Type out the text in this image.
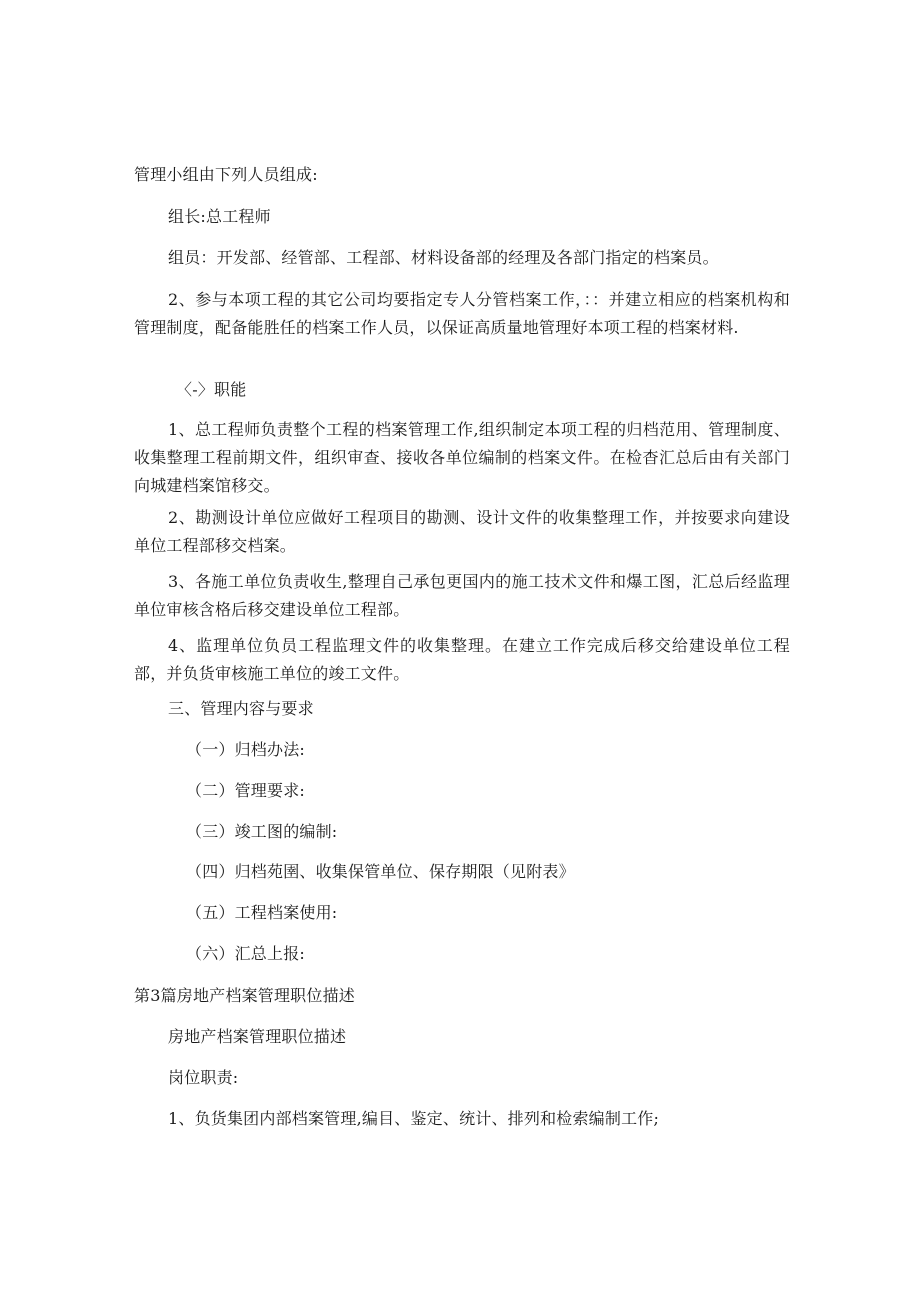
管理小组由下列人员组成:
组长:总工程师
组员：开发部、经管部、工程部、材料设备部的经理及各部门指定的档案员。
2、参与本项工程的其它公司均要指定专人分管档案工作，：：并建立相应的档案机构和管理制度，配备能胜任的档案工作人员，以保证高质量地管理好本项工程的档案材料.
〈-〉职能
1、总工程师负责整个工程的档案管理工作,组织制定本项工程的归档范用、管理制度、收集整理工程前期文件，组织审查、接收各单位编制的档案文件。在检杳汇总后由有关部门向城建档案馆移交。
2、勘测设计单位应做好工程项目的勘测、设计文件的收集整理工作，并按要求向建设单位工程部移交档案。
3、各施工单位负责收生,整理自己承包更国内的施工技术文件和爆工图，汇总后经监理单位审核含格后移交建设单位工程部。
4、监理单位负员工程监理文件的收集整理。在建立工作完成后移交给建设单位工程部，并负货审核施工单位的竣工文件。
三、管理内容与要求
（一）归档办法:
（二）管理要求:
（三）竣工图的编制:
（四）归档苑圉、收集保管单位、保存期限（见附表》
（五）工程档案使用:
（六）汇总上报:
第3篇房地产档案管理职位描述
房地产档案管理职位描述
岗位职责:
1、负货集团内部档案管理,编目、鉴定、统计、排列和检索编制工作;
